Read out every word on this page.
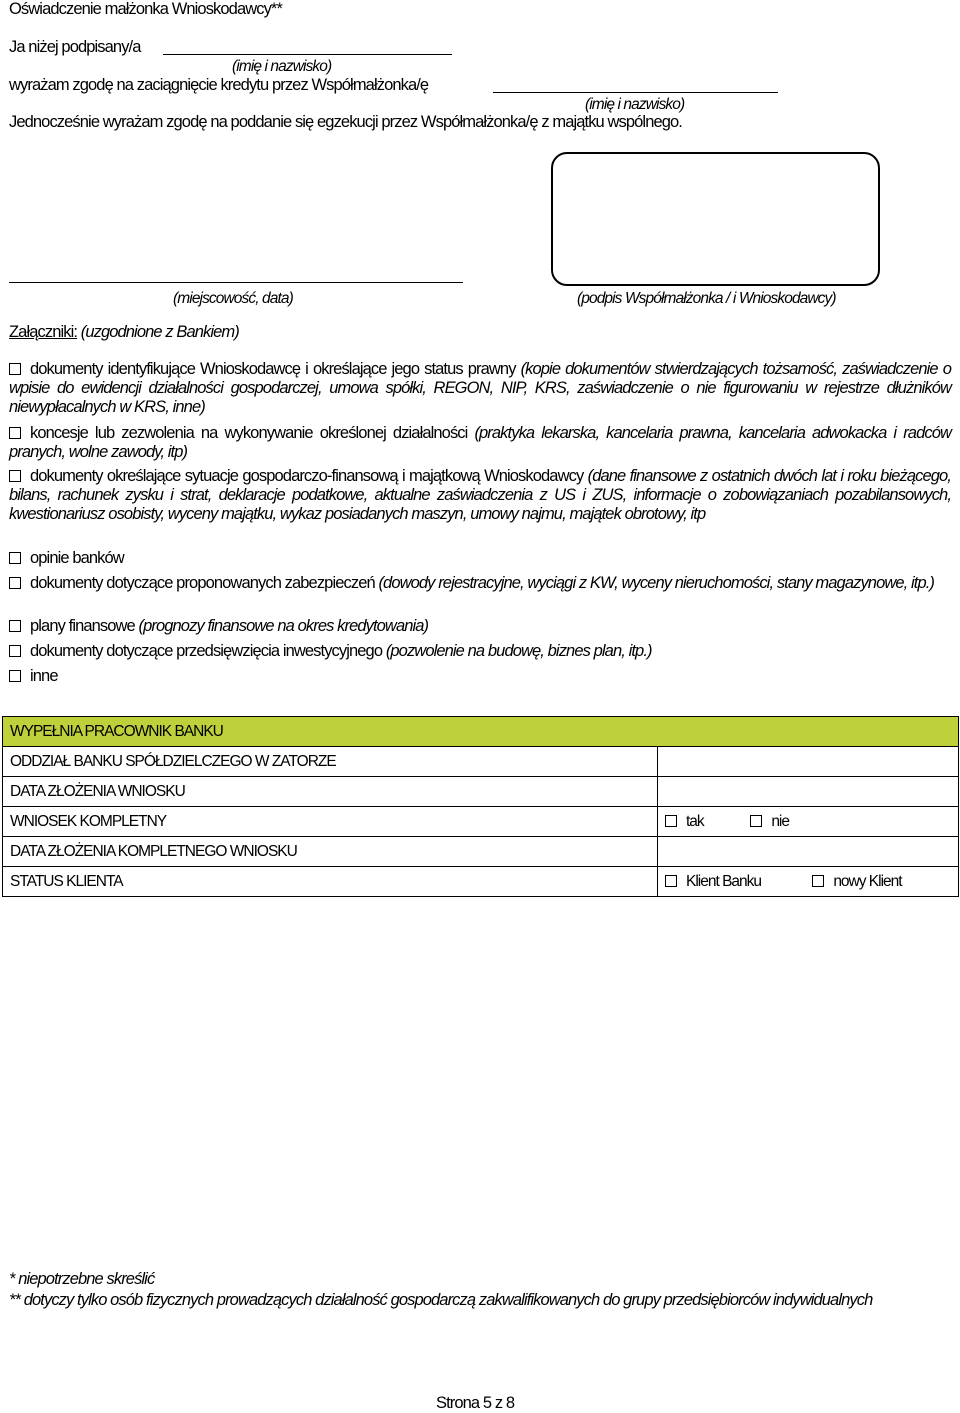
Oświadczenie małżonka Wnioskodawcy**
Ja niżej podpisany/a
(imię i nazwisko)
wyrażam zgodę na zaciągnięcie kredytu przez Współmałżonka/ę
(imię i nazwisko)
Jednocześnie wyrażam zgodę na poddanie się egzekucji przez Współmałżonka/ę z majątku wspólnego.
(miejscowość, data)	(podpis Współmałżonka / i Wnioskodawcy)
Załączniki: (uzgodnione z Bankiem)
dokumenty identyfikujące Wnioskodawcę i określające jego status prawny (kopie dokumentów stwierdzających tożsamość, zaświadczenie o wpisie do ewidencji działalności gospodarczej, umowa spółki, REGON, NIP, KRS, zaświadczenie o nie figurowaniu w rejestrze dłużników niewypłacalnych w KRS, inne)
koncesje lub zezwolenia na wykonywanie określonej działalności (praktyka lekarska, kancelaria prawna, kancelaria adwokacka i radców pranych, wolne zawody, itp)
dokumenty określające sytuacje gospodarczo-finansową i majątkową Wnioskodawcy (dane finansowe z ostatnich dwóch lat i roku bieżącego, bilans, rachunek zysku i strat, deklaracje podatkowe, aktualne zaświadczenia z US i ZUS, informacje o zobowiązaniach pozabilansowych, kwestionariusz osobisty, wyceny majątku, wykaz posiadanych maszyn, umowy najmu, majątek obrotowy, itp
opinie banków
dokumenty dotyczące proponowanych zabezpieczeń (dowody rejestracyjne, wyciągi z KW, wyceny nieruchomości, stany magazynowe, itp.)
plany finansowe (prognozy finansowe na okres kredytowania)
dokumenty dotyczące przedsięwzięcia inwestycyjnego (pozwolenie na budowę, biznes plan, itp.)
inne
WYPEŁNIA PRACOWNIK BANKU	
ODDZIAŁ BANKU SPÓŁDZIELCZEGO W ZATORZE	
DATA ZŁOŻENIA WNIOSKU	
WNIOSEK KOMPLETNY	tak nie
DATA ZŁOŻENIA KOMPLETNEGO WNIOSKU	
STATUS KLIENTA	Klient Banku nowy Klient
* niepotrzebne skreślić
** dotyczy tylko osób fizycznych prowadzących działalność gospodarczą zakwalifikowanych do grupy przedsiębiorców indywidualnych
Strona 5 z 8
